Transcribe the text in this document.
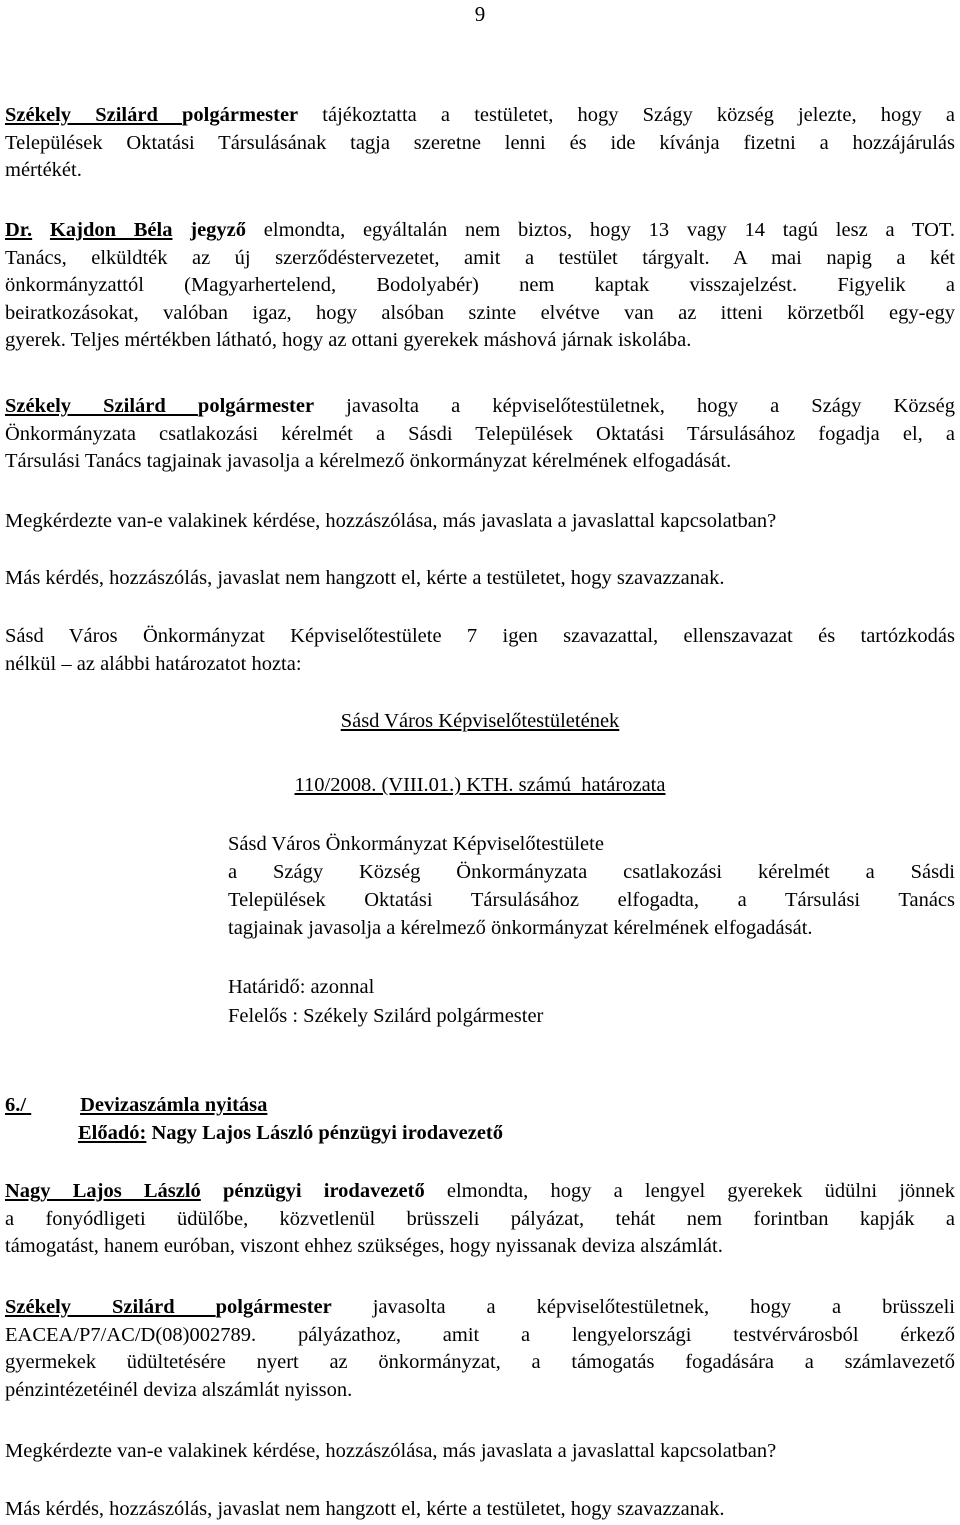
9
Székely Szilárd polgármester tájékoztatta a testületet, hogy Szágy község jelezte, hogy a
Települések Oktatási Társulásának tagja szeretne lenni és ide kívánja fizetni a hozzájárulás
mértékét.
Dr. Kajdon Béla jegyző elmondta, egyáltalán nem biztos, hogy 13 vagy 14 tagú lesz a TOT.
Tanács, elküldték az új szerződéstervezetet, amit a testület tárgyalt. A mai napig a két
önkormányzattól (Magyarhertelend, Bodolyabér) nem kaptak visszajelzést. Figyelik a
beiratkozásokat, valóban igaz, hogy alsóban szinte elvétve van az itteni körzetből egy-egy
gyerek. Teljes mértékben látható, hogy az ottani gyerekek máshová járnak iskolába.
Székely Szilárd polgármester javasolta a képviselőtestületnek, hogy a Szágy Község
Önkormányzata csatlakozási kérelmét a Sásdi Települések Oktatási Társulásához fogadja el, a
Társulási Tanács tagjainak javasolja a kérelmező önkormányzat kérelmének elfogadását.
Megkérdezte van-e valakinek kérdése, hozzászólása, más javaslata a javaslattal kapcsolatban?
Más kérdés, hozzászólás, javaslat nem hangzott el, kérte a testületet, hogy szavazzanak.
Sásd Város Önkormányzat Képviselőtestülete 7 igen szavazattal, ellenszavazat és tartózkodás
nélkül – az alábbi határozatot hozta:
Sásd Város Képviselőtestületének
110/2008. (VIII.01.) KTH. számú  határozata
Sásd Város Önkormányzat Képviselőtestülete
a Szágy Község Önkormányzata csatlakozási kérelmét a Sásdi
Települések Oktatási Társulásához elfogadta, a Társulási Tanács
tagjainak javasolja a kérelmező önkormányzat kérelmének elfogadását.
Határidő: azonnal
Felelős : Székely Szilárd polgármester
6./	Devizaszámla nyitása
Előadó: Nagy Lajos László pénzügyi irodavezető
Nagy Lajos László pénzügyi irodavezető elmondta, hogy a lengyel gyerekek üdülni jönnek
a fonyódligeti üdülőbe, közvetlenül brüsszeli pályázat, tehát nem forintban kapják a
támogatást, hanem euróban, viszont ehhez szükséges, hogy nyissanak deviza alszámlát.
Székely Szilárd polgármester javasolta a képviselőtestületnek, hogy a brüsszeli
EACEA/P7/AC/D(08)002789. pályázathoz, amit a lengyelországi testvérvárosból érkező
gyermekek üdültetésére nyert az önkormányzat, a támogatás fogadására a számlavezető
pénzintézetéinél deviza alszámlát nyisson.
Megkérdezte van-e valakinek kérdése, hozzászólása, más javaslata a javaslattal kapcsolatban?
Más kérdés, hozzászólás, javaslat nem hangzott el, kérte a testületet, hogy szavazzanak.
